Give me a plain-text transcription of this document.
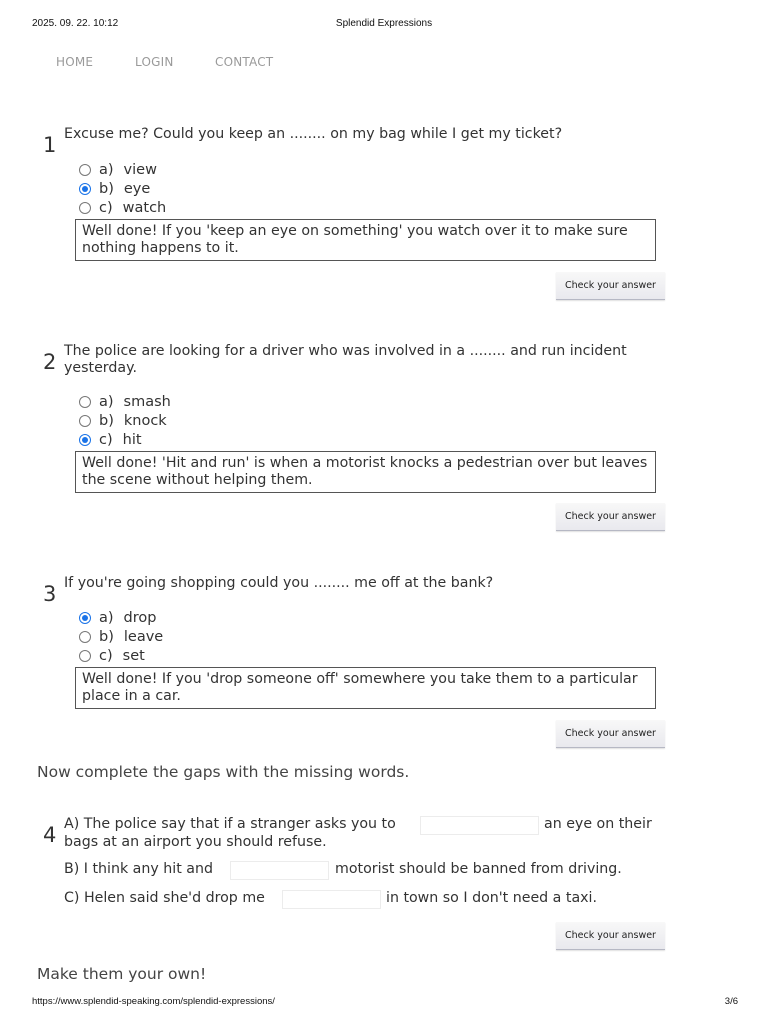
2025. 09. 22. 10:12	Splendid Expressions
HOME	LOGIN	CONTACT
1 Excuse me? Could you keep an ........ on my bag while I get my ticket?
a) view
b) eye
c) watch
Well done! If you 'keep an eye on something' you watch over it to make sure nothing happens to it.
Check your answer
2 The police are looking for a driver who was involved in a ........ and run incident yesterday.
a) smash
b) knock
c) hit
Well done! 'Hit and run' is when a motorist knocks a pedestrian over but leaves the scene without helping them.
Check your answer
3 If you're going shopping could you ........ me off at the bank?
a) drop
b) leave
c) set
Well done! If you 'drop someone off' somewhere you take them to a particular place in a car.
Check your answer
Now complete the gaps with the missing words.
4 A) The police say that if a stranger asks you to	an eye on their
bags at an airport you should refuse.
B) I think any hit and	motorist should be banned from driving.
C) Helen said she'd drop me	in town so I don't need a taxi.
Check your answer
Make them your own!
https://www.splendid-speaking.com/splendid-expressions/	3/6
